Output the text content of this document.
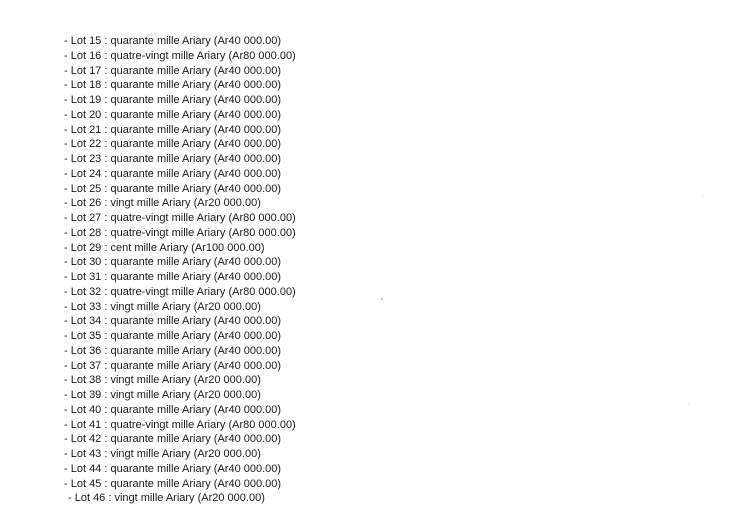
- Lot 15 : quarante mille Ariary (Ar40 000.00)
- Lot 16 : quatre-vingt mille Ariary (Ar80 000.00)
- Lot 17 : quarante mille Ariary (Ar40 000.00)
- Lot 18 : quarante mille Ariary (Ar40 000.00)
- Lot 19 : quarante mille Ariary (Ar40 000.00)
- Lot 20 : quarante mille Ariary (Ar40 000.00)
- Lot 21 : quarante mille Ariary (Ar40 000.00)
- Lot 22 : quarante mille Ariary (Ar40 000.00)
- Lot 23 : quarante mille Ariary (Ar40 000.00)
- Lot 24 : quarante mille Ariary (Ar40 000.00)
- Lot 25 : quarante mille Ariary (Ar40 000.00)
- Lot 26 : vingt mille Ariary (Ar20 000.00)
- Lot 27 : quatre-vingt mille Ariary (Ar80 000.00)
- Lot 28 : quatre-vingt mille Ariary (Ar80 000.00)
- Lot 29 : cent mille Ariary (Ar100 000.00)
- Lot 30 : quarante mille Ariary (Ar40 000.00)
- Lot 31 : quarante mille Ariary (Ar40 000.00)
- Lot 32 : quatre-vingt mille Ariary (Ar80 000.00)
- Lot 33 : vingt mille Ariary (Ar20 000.00)
- Lot 34 : quarante mille Ariary (Ar40 000.00)
- Lot 35 : quarante mille Ariary (Ar40 000.00)
- Lot 36 : quarante mille Ariary (Ar40 000.00)
- Lot 37 : quarante mille Ariary (Ar40 000.00)
- Lot 38 : vingt mille Ariary (Ar20 000.00)
- Lot 39 : vingt mille Ariary (Ar20 000.00)
- Lot 40 : quarante mille Ariary (Ar40 000.00)
- Lot 41 : quatre-vingt mille Ariary (Ar80 000.00)
- Lot 42 : quarante mille Ariary (Ar40 000.00)
- Lot 43 : vingt mille Ariary (Ar20 000.00)
- Lot 44 : quarante mille Ariary (Ar40 000.00)
- Lot 45 : quarante mille Ariary (Ar40 000.00)
- Lot 46 : vingt mille Ariary (Ar20 000.00)
